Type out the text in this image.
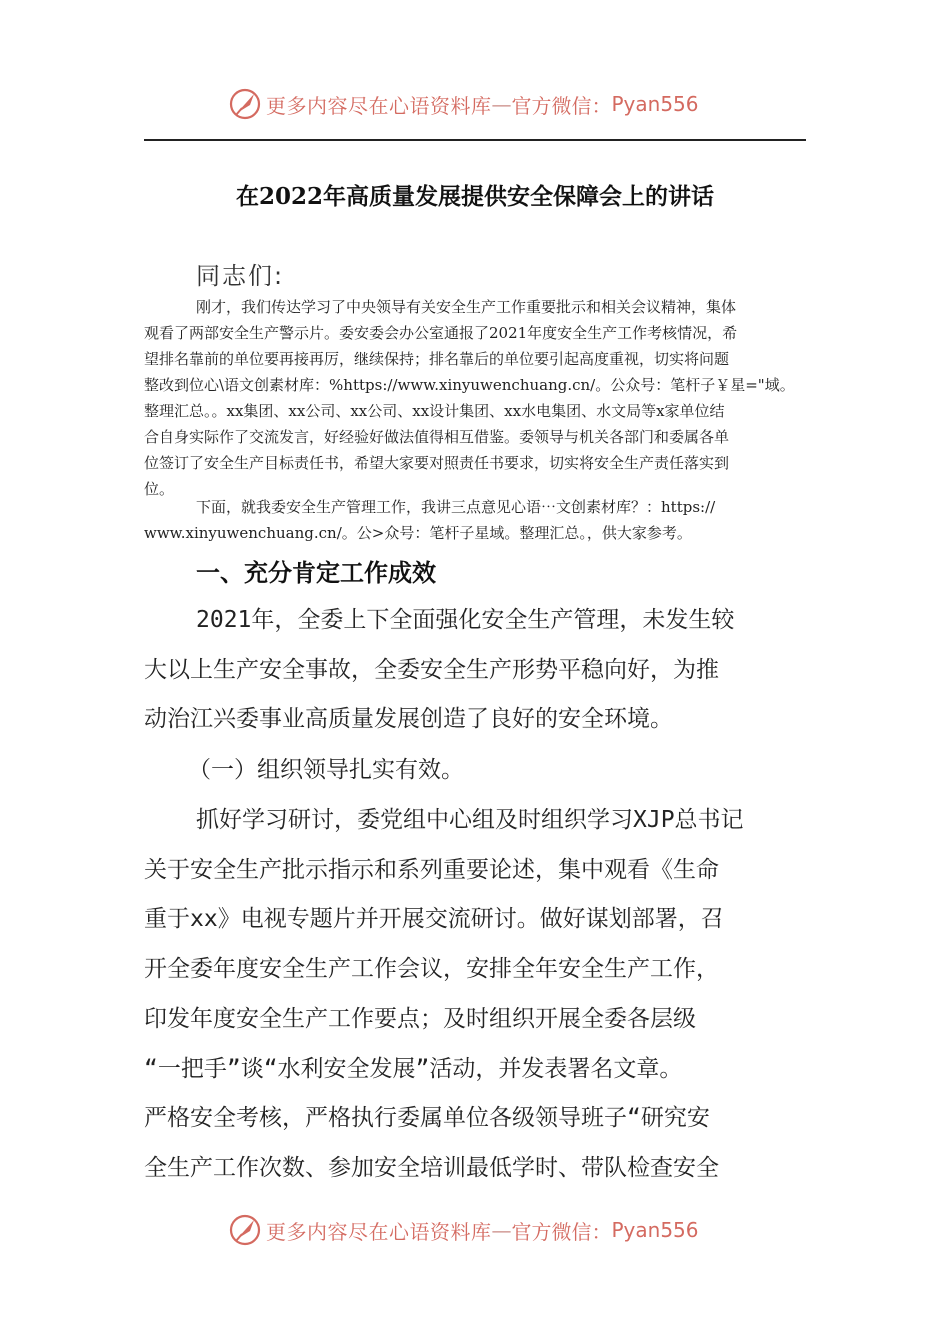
更多内容尽在心语资料库 — 官方微信： Pyan556
在2022年高质量发展提供安全保障会上的讲话
同志们:
刚才，我们传达学习了中央领导有关安全生产工作重要批示和相关会议精神，集体
观看了两部安全生产警示片。委安委会办公室通报了2021年度安全生产工作考核情况，希
望排名靠前的单位要再接再厉，继续保持；排名靠后的单位要引起高度重视，切实将问题
整改到位心\语文创素材库：%https://www.xinyuwenchuang.cn/。公众号：笔杆子￥星="域。
整理汇总。。xx集团、xx公司、xx公司、xx设计集团、xx水电集团、水文局等x家单位结
合自身实际作了交流发言，好经验好做法值得相互借鉴。委领导与机关各部门和委属各单
位签订了安全生产目标责任书，希望大家要对照责任书要求，切实将安全生产责任落实到
位。
下面，就我委安全生产管理工作，我讲三点意见心语⋯文创素材库？：https://
www.xinyuwenchuang.cn/。公>众号：笔杆子星域。整理汇总。，供大家参考。
一、充分肯定工作成效
2021年，全委上下全面强化安全生产管理，未发生较
大以上生产安全事故，全委安全生产形势平稳向好，为推
动治江兴委事业高质量发展创造了良好的安全环境。
（一）组织领导扎实有效。
抓好学习研讨，委党组中心组及时组织学习XJP总书记
关于安全生产批示指示和系列重要论述，集中观看《生命
重于xx》电视专题片并开展交流研讨。做好谋划部署，召
开全委年度安全生产工作会议，安排全年安全生产工作，
印发年度安全生产工作要点；及时组织开展全委各层级
“一把手”谈“水利安全发展”活动，并发表署名文章。
严格安全考核，严格执行委属单位各级领导班子“研究安
全生产工作次数、参加安全培训最低学时、带队检查安全
更多内容尽在心语资料库 — 官方微信： Pyan556
